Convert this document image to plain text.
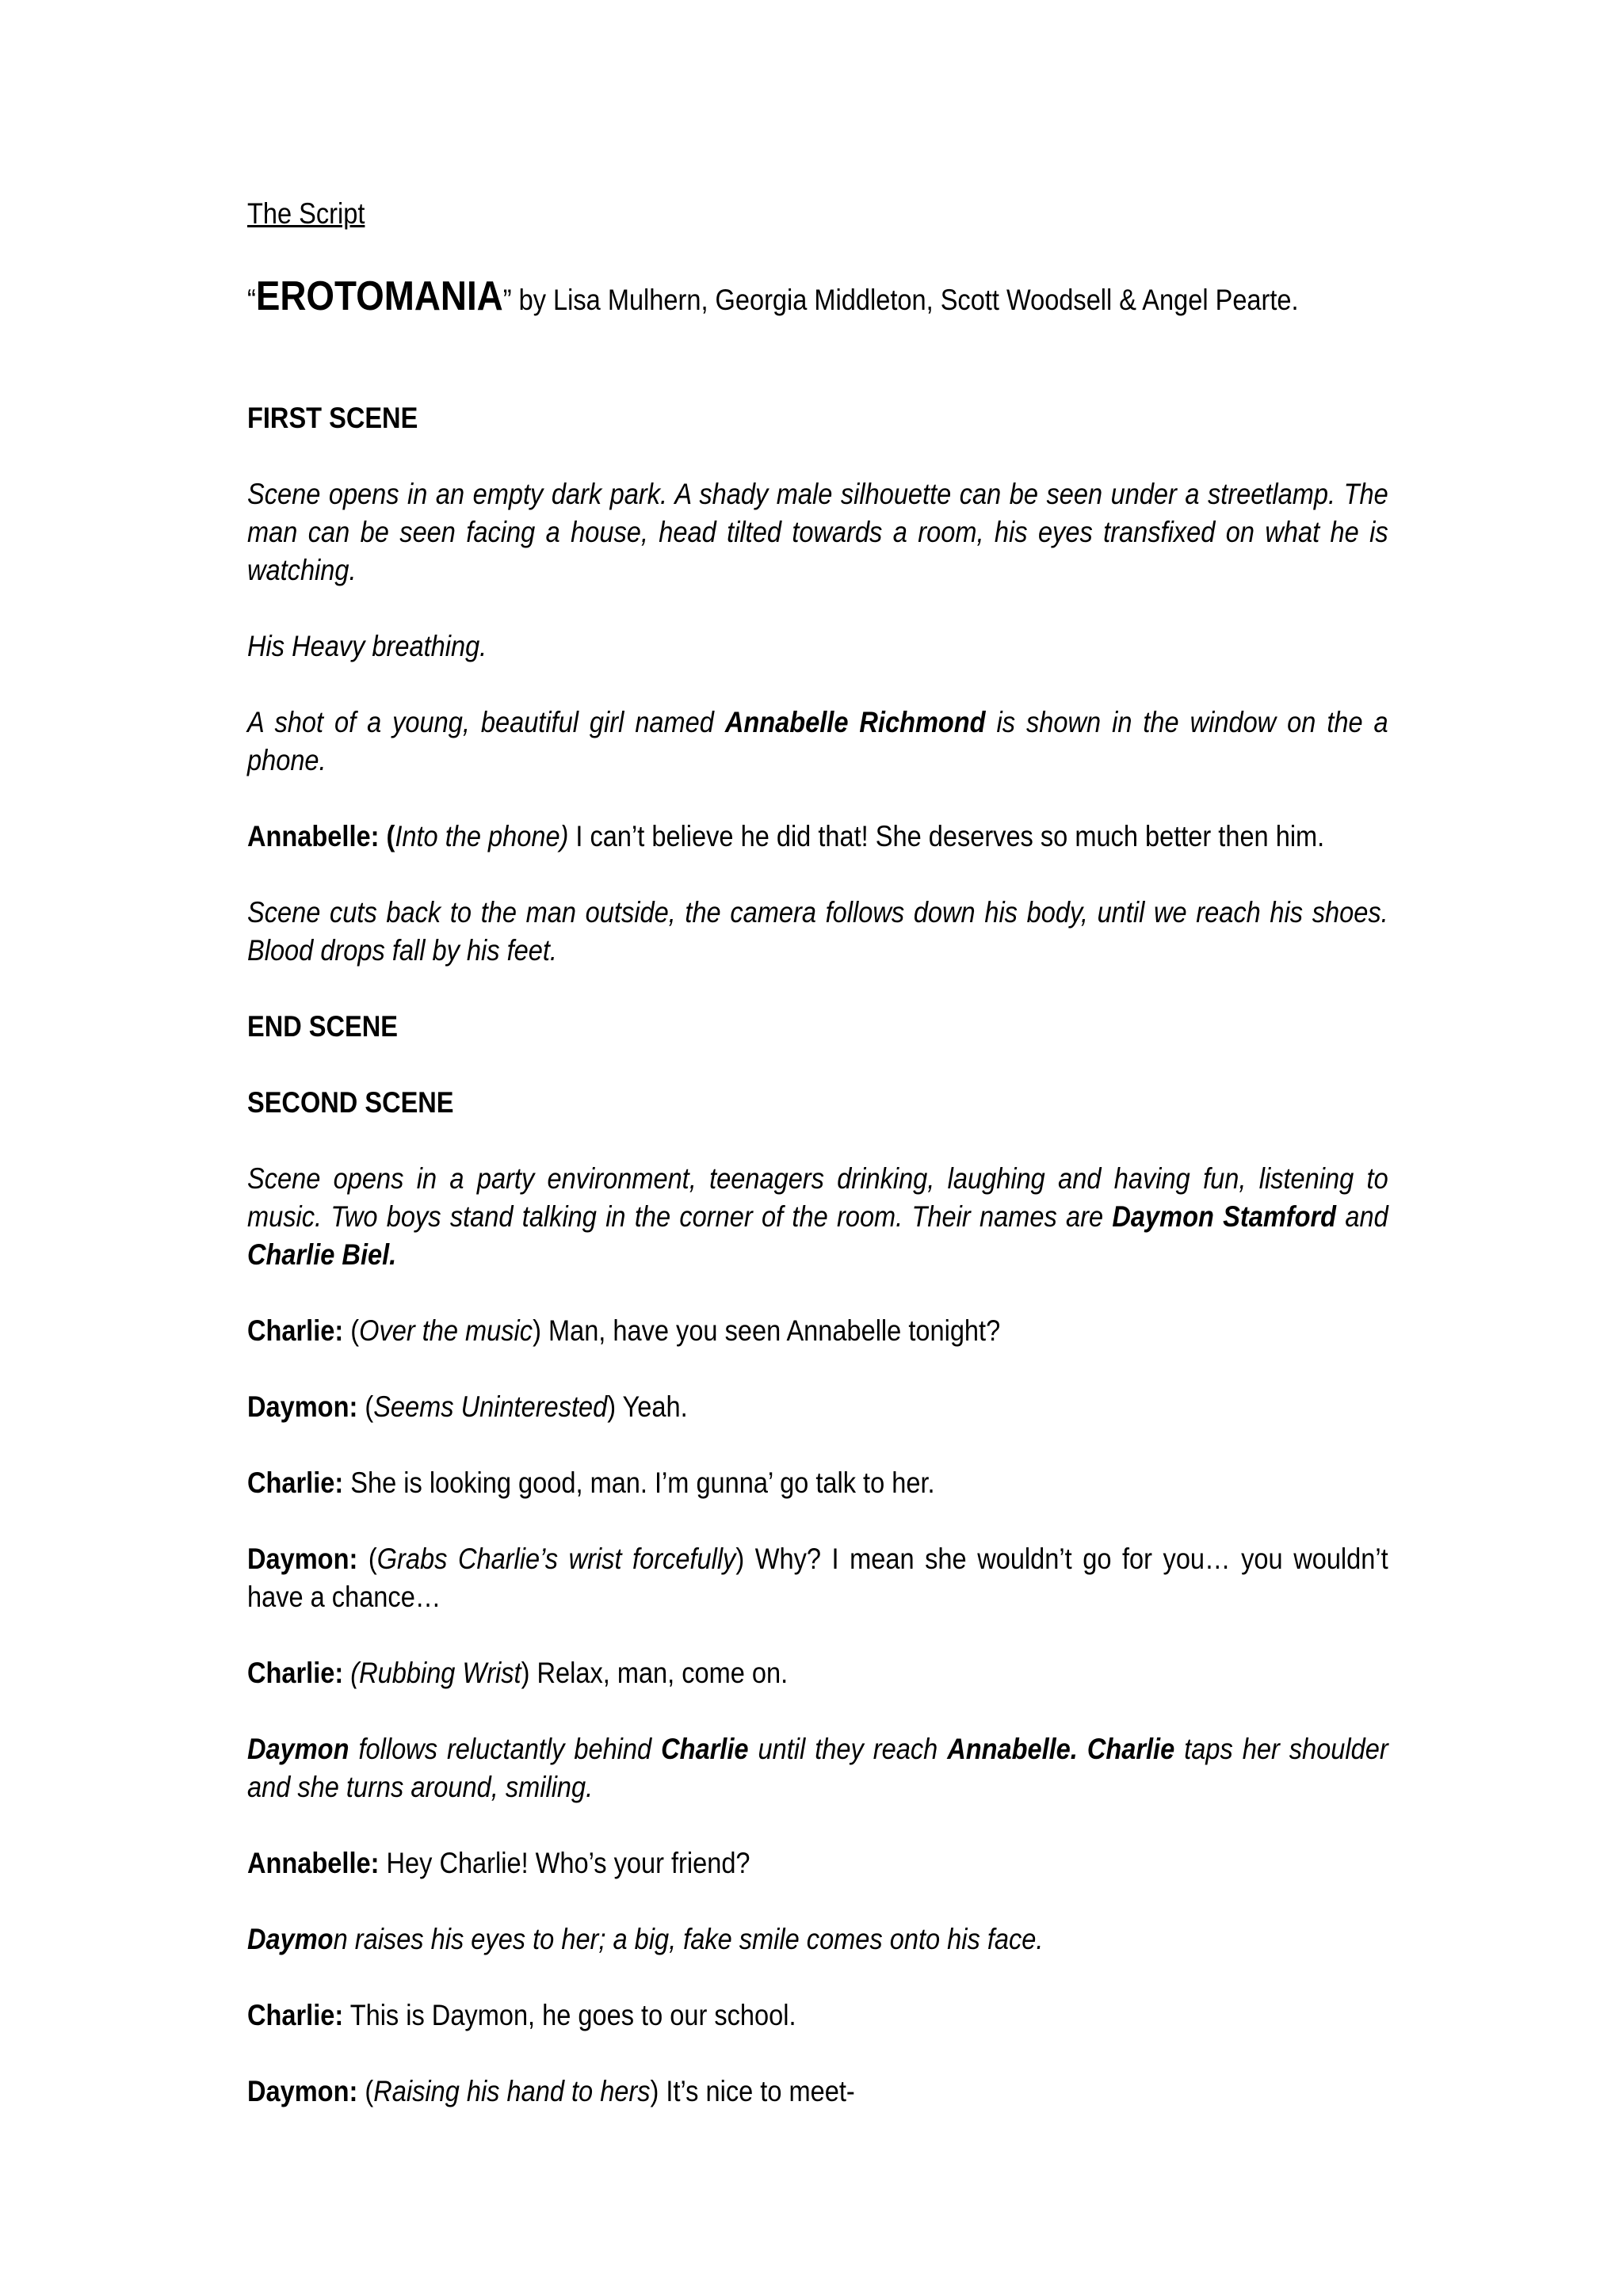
The Script
“EROTOMANIA” by Lisa Mulhern, Georgia Middleton, Scott Woodsell & Angel Pearte.
FIRST SCENE
Scene opens in an empty dark park. A shady male silhouette can be seen under a streetlamp. The man can be seen facing a house, head tilted towards a room, his eyes transfixed on what he is watching.
His Heavy breathing.
A shot of a young, beautiful girl named Annabelle Richmond is shown in the window on the a phone.
Annabelle: (Into the phone) I can’t believe he did that! She deserves so much better then him.
Scene cuts back to the man outside, the camera follows down his body, until we reach his shoes. Blood drops fall by his feet.
END SCENE
SECOND SCENE
Scene opens in a party environment, teenagers drinking, laughing and having fun, listening to music. Two boys stand talking in the corner of the room. Their names are Daymon Stamford and Charlie Biel.
Charlie: (Over the music) Man, have you seen Annabelle tonight?
Daymon: (Seems Uninterested) Yeah.
Charlie: She is looking good, man. I’m gunna’ go talk to her.
Daymon: (Grabs Charlie’s wrist forcefully) Why? I mean she wouldn’t go for you… you wouldn’t have a chance…
Charlie: (Rubbing Wrist) Relax, man, come on.
Daymon follows reluctantly behind Charlie until they reach Annabelle. Charlie taps her shoulder and she turns around, smiling.
Annabelle: Hey Charlie! Who’s your friend?
Daymon raises his eyes to her; a big, fake smile comes onto his face.
Charlie: This is Daymon, he goes to our school.
Daymon: (Raising his hand to hers) It’s nice to meet-
